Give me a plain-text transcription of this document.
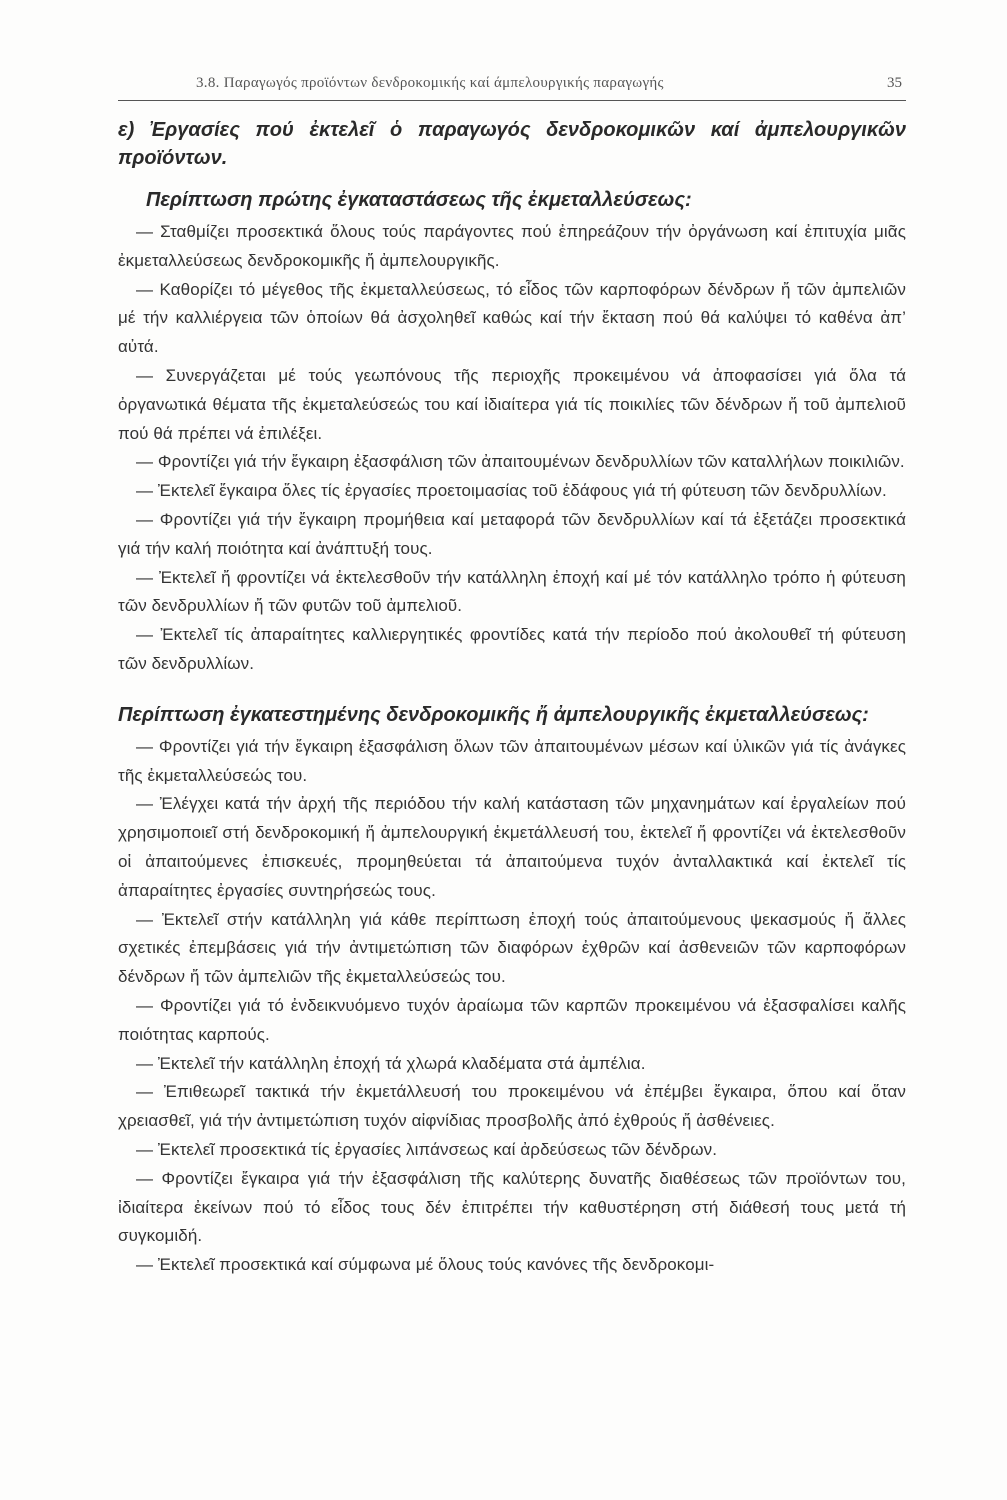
3.8. Παραγωγός προϊόντων δενδροκομικής καί άμπελουργικής παραγωγής	35

ε) Ἐργασίες πού ἐκτελεῖ ὁ παραγωγός δενδροκομικῶν καί ἀμπελουργικῶν προϊόντων.

Περίπτωση πρώτης ἐγκαταστάσεως τῆς ἐκμεταλλεύσεως:

— Σταθμίζει προσεκτικά ὅλους τούς παράγοντες πού ἐπηρεάζουν τήν ὀργάνωση καί ἐπιτυχία μιᾶς ἐκμεταλλεύσεως δενδροκομικῆς ἤ ἀμπελουργικῆς.

— Καθορίζει τό μέγεθος τῆς ἐκμεταλλεύσεως, τό εἶδος τῶν καρποφόρων δένδρων ἤ τῶν ἀμπελιῶν μέ τήν καλλιέργεια τῶν ὁποίων θά ἀσχοληθεῖ καθώς καί τήν ἔκταση πού θά καλύψει τό καθένα ἀπ’ αὐτά.

— Συνεργάζεται μέ τούς γεωπόνους τῆς περιοχῆς προκειμένου νά ἀποφασίσει γιά ὅλα τά ὀργανωτικά θέματα τῆς ἐκμεταλεύσεώς του καί ἰδιαίτερα γιά τίς ποικιλίες τῶν δένδρων ἤ τοῦ ἀμπελιοῦ πού θά πρέπει νά ἐπιλέξει.

— Φροντίζει γιά τήν ἔγκαιρη ἐξασφάλιση τῶν ἀπαιτουμένων δενδρυλλίων τῶν καταλλήλων ποικιλιῶν.

— Ἐκτελεῖ ἔγκαιρα ὅλες τίς ἐργασίες προετοιμασίας τοῦ ἐδάφους γιά τή φύτευση τῶν δενδρυλλίων.

— Φροντίζει γιά τήν ἔγκαιρη προμήθεια καί μεταφορά τῶν δενδρυλλίων καί τά ἐξετάζει προσεκτικά γιά τήν καλή ποιότητα καί ἀνάπτυξή τους.

— Ἐκτελεῖ ἤ φροντίζει νά ἐκτελεσθοῦν τήν κατάλληλη ἐποχή καί μέ τόν κατάλληλο τρόπο ἡ φύτευση τῶν δενδρυλλίων ἤ τῶν φυτῶν τοῦ ἀμπελιοῦ.

— Ἐκτελεῖ τίς ἀπαραίτητες καλλιεργητικές φροντίδες κατά τήν περίοδο πού ἀκολουθεῖ τή φύτευση τῶν δενδρυλλίων.

Περίπτωση ἐγκατεστημένης δενδροκομικῆς ἤ ἀμπελουργικῆς ἐκμεταλλεύσεως:

— Φροντίζει γιά τήν ἔγκαιρη ἐξασφάλιση ὅλων τῶν ἀπαιτουμένων μέσων καί ὑλικῶν γιά τίς ἀνάγκες τῆς ἐκμεταλλεύσεώς του.

— Ἐλέγχει κατά τήν ἀρχή τῆς περιόδου τήν καλή κατάσταση τῶν μηχανημάτων καί ἐργαλείων πού χρησιμοποιεῖ στή δενδροκομική ἤ ἀμπελουργική ἐκμετάλλευσή του, ἐκτελεῖ ἤ φροντίζει νά ἐκτελεσθοῦν οἱ ἀπαιτούμενες ἐπισκευές, προμηθεύεται τά ἀπαιτούμενα τυχόν ἀνταλλακτικά καί ἐκτελεῖ τίς ἀπαραίτητες ἐργασίες συντηρήσεώς τους.

— Ἐκτελεῖ στήν κατάλληλη γιά κάθε περίπτωση ἐποχή τούς ἀπαιτούμενους ψεκασμούς ἤ ἄλλες σχετικές ἐπεμβάσεις γιά τήν ἀντιμετώπιση τῶν διαφόρων ἐχθρῶν καί ἀσθενειῶν τῶν καρποφόρων δένδρων ἤ τῶν ἀμπελιῶν τῆς ἐκμεταλλεύσεώς του.

— Φροντίζει γιά τό ἐνδεικνυόμενο τυχόν ἀραίωμα τῶν καρπῶν προκειμένου νά ἐξασφαλίσει καλῆς ποιότητας καρπούς.

— Ἐκτελεῖ τήν κατάλληλη ἐποχή τά χλωρά κλαδέματα στά ἀμπέλια.

— Ἐπιθεωρεῖ τακτικά τήν ἐκμετάλλευσή του προκειμένου νά ἐπέμβει ἔγκαιρα, ὅπου καί ὅταν χρειασθεῖ, γιά τήν ἀντιμετώπιση τυχόν αἰφνίδιας προσβολῆς ἀπό ἐχθρούς ἤ ἀσθένειες.

— Ἐκτελεῖ προσεκτικά τίς ἐργασίες λιπάνσεως καί ἀρδεύσεως τῶν δένδρων.

— Φροντίζει ἔγκαιρα γιά τήν ἐξασφάλιση τῆς καλύτερης δυνατῆς διαθέσεως τῶν προϊόντων του, ἰδιαίτερα ἐκείνων πού τό εἶδος τους δέν ἐπιτρέπει τήν καθυστέρηση στή διάθεσή τους μετά τή συγκομιδή.

— Ἐκτελεῖ προσεκτικά καί σύμφωνα μέ ὅλους τούς κανόνες τῆς δενδροκομι-
